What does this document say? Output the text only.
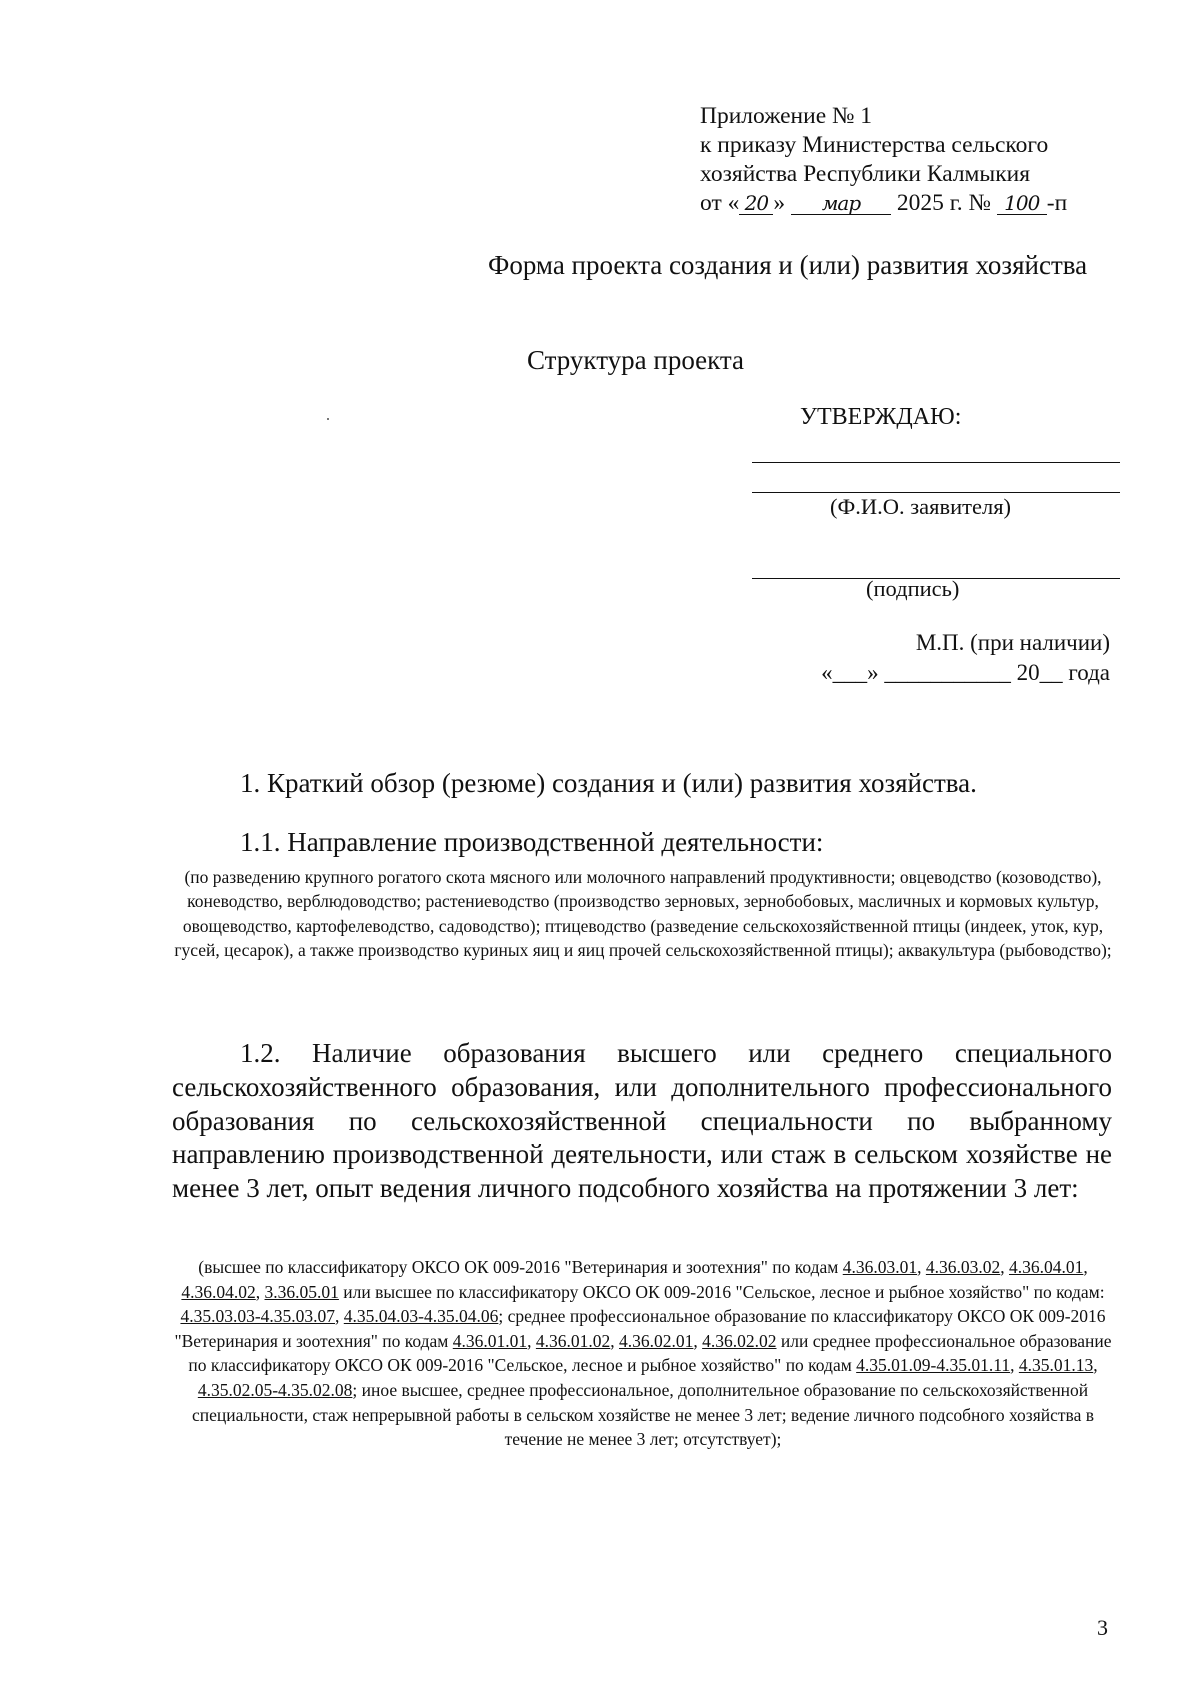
Приложение № 1
к приказу Министерства сельского
хозяйства Республики Калмыкия
от « 20 » мар 2025 г. № 100 -п
Форма проекта создания и (или) развития хозяйства
Структура проекта
УТВЕРЖДАЮ:
(Ф.И.О. заявителя)
(подпись)
М.П. (при наличии)
«___» ___________ 20__ года
1. Краткий обзор (резюме) создания и (или) развития хозяйства.
1.1. Направление производственной деятельности:
(по разведению крупного рогатого скота мясного или молочного направлений продуктивности; овцеводство (козоводство), коневодство, верблюдоводство; растениеводство (производство зерновых, зернобобовых, масличных и кормовых культур, овощеводство, картофелеводство, садоводство); птицеводство (разведение сельскохозяйственной птицы (индеек, уток, кур, гусей, цесарок), а также производство куриных яиц и яиц прочей сельскохозяйственной птицы); аквакультура (рыбоводство);
1.2. Наличие образования высшего или среднего специального сельскохозяйственного образования, или дополнительного профессионального образования по сельскохозяйственной специальности по выбранному направлению производственной деятельности, или стаж в сельском хозяйстве не менее 3 лет, опыт ведения личного подсобного хозяйства на протяжении 3 лет:
(высшее по классификатору ОКСО ОК 009-2016 "Ветеринария и зоотехния" по кодам 4.36.03.01, 4.36.03.02, 4.36.04.01, 4.36.04.02, 3.36.05.01 или высшее по классификатору ОКСО ОК 009-2016 "Сельское, лесное и рыбное хозяйство" по кодам: 4.35.03.03-4.35.03.07, 4.35.04.03-4.35.04.06; среднее профессиональное образование по классификатору ОКСО ОК 009-2016 "Ветеринария и зоотехния" по кодам 4.36.01.01, 4.36.01.02, 4.36.02.01, 4.36.02.02 или среднее профессиональное образование по классификатору ОКСО ОК 009-2016 "Сельское, лесное и рыбное хозяйство" по кодам 4.35.01.09-4.35.01.11, 4.35.01.13, 4.35.02.05-4.35.02.08; иное высшее, среднее профессиональное, дополнительное образование по сельскохозяйственной специальности, стаж непрерывной работы в сельском хозяйстве не менее 3 лет; ведение личного подсобного хозяйства в течение не менее 3 лет; отсутствует);
3
